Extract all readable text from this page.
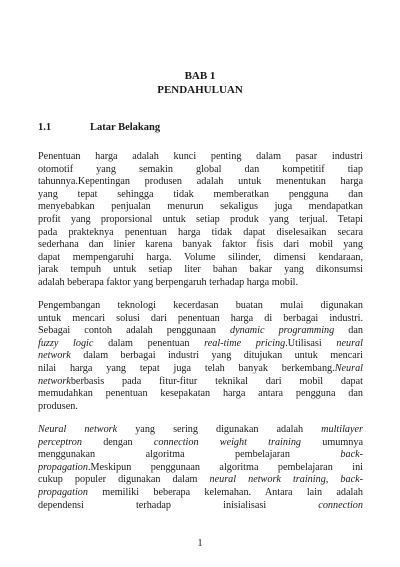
BAB 1
PENDAHULUAN
1.1	Latar Belakang
Penentuan harga adalah kunci penting dalam pasar industri
otomotif yang semakin global dan kompetitif tiap
tahunnya.Kepentingan produsen adalah untuk menentukan harga
yang tepat sehingga tidak memberatkan pengguna dan
menyebabkan penjualan menurun sekaligus juga mendapatkan
profit yang proporsional untuk setiap produk yang terjual. Tetapi
pada prakteknya penentuan harga tidak dapat diselesaikan secara
sederhana dan linier karena banyak faktor fisis dari mobil yang
dapat mempengaruhi harga. Volume silinder, dimensi kendaraan,
jarak tempuh untuk setiap liter bahan bakar yang dikonsumsi
adalah beberapa faktor yang berpengaruh terhadap harga mobil.
Pengembangan teknologi kecerdasan buatan mulai digunakan
untuk mencari solusi dari penentuan harga di berbagai industri.
Sebagai contoh adalah penggunaan dynamic programming dan
fuzzy logic dalam penentuan real-time pricing.Utilisasi neural
network dalam berbagai industri yang ditujukan untuk mencari
nilai harga yang tepat juga telah banyak berkembang.Neural
networkberbasis pada fitur-fitur teknikal dari mobil dapat
memudahkan penentuan kesepakatan harga antara pengguna dan
produsen.
Neural network yang sering digunakan adalah multilayer
perceptron dengan connection weight training umumnya
menggunakan algoritma pembelajaran back-
propagation.Meskipun penggunaan algoritma pembelajaran ini
cukup populer digunakan dalam neural network training, back-
propagation memiliki beberapa kelemahan. Antara lain adalah
dependensi terhadap inisialisasi connection
1
